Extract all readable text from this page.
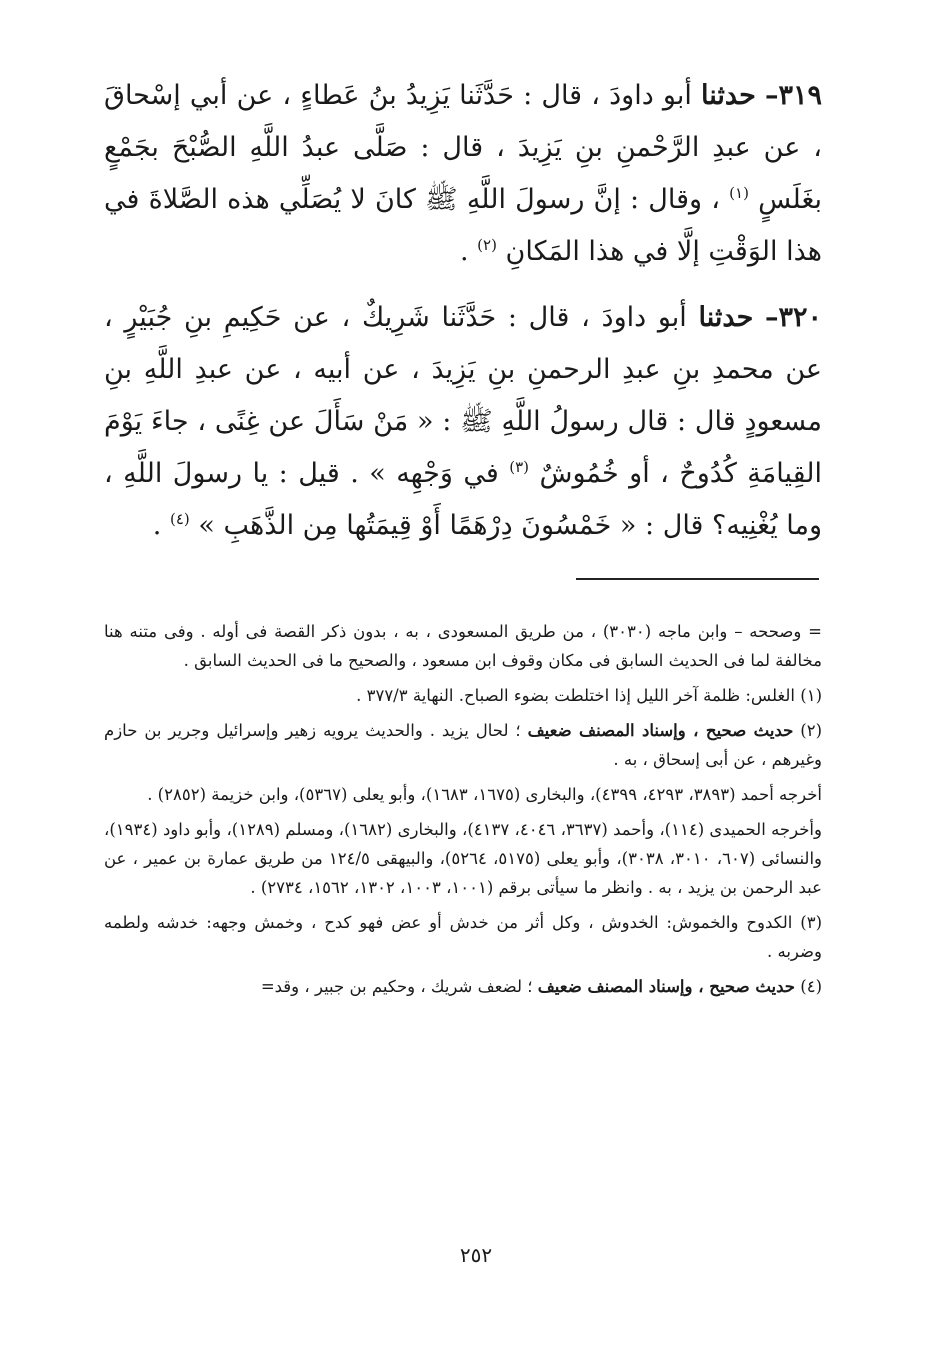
٣١٩– حدثنا أبو داودَ ، قال : حَدَّثَنا يَزِيدُ بنُ عَطاءٍ ، عن أبي إسْحاقَ ، عن عبدِ الرَّحْمنِ بنِ يَزِيدَ ، قال : صَلَّى عبدُ اللَّهِ الصُّبْحَ بجَمْعٍ بغَلَسٍ $^{(١)}$ ، وقال : إنَّ رسولَ اللَّهِ ﷺ كانَ لا يُصَلِّي هذه الصَّلاةَ في هذا الوَقْتِ إلَّا في هذا المَكانِ $^{(٢)}$ .

٣٢٠– حدثنا أبو داودَ ، قال : حَدَّثَنا شَرِيكٌ ، عن حَكِيمِ بنِ جُبَيْرٍ ، عن محمدِ بنِ عبدِ الرحمنِ بنِ يَزِيدَ ، عن أبيه ، عن عبدِ اللَّهِ بنِ مسعودٍ قال : قال رسولُ اللَّهِ ﷺ : « مَنْ سَأَلَ عن غِنًى ، جاءَ يَوْمَ القِيامَةِ كُدُوحٌ ، أو خُمُوشٌ $^{(٣)}$ في وَجْهِه » . قيل : يا رسولَ اللَّهِ ، وما يُغْنِيه؟ قال : « خَمْسُونَ دِرْهَمًا أَوْ قِيمَتُها مِن الذَّهَبِ » $^{(٤)}$ .

= وصححه – وابن ماجه (٣٠٣٠) ، من طريق المسعودى ، به ، بدون ذكر القصة فى أوله . وفى متنه هنا مخالفة لما فى الحديث السابق فى مكان وقوف ابن مسعود ، والصحيح ما فى الحديث السابق .

(١) الغلس: ظلمة آخر الليل إذا اختلطت بضوء الصباح. النهاية ٣٧٧/٣ .

(٢) حديث صحيح ، وإسناد المصنف ضعيف ؛ لحال يزيد . والحديث يرويه زهير وإسرائيل وجرير بن حازم وغيرهم ، عن أبى إسحاق ، به .

أخرجه أحمد (٣٨٩٣، ٤٢٩٣، ٤٣٩٩)، والبخارى (١٦٧٥، ١٦٨٣)، وأبو يعلى (٥٣٦٧)، وابن خزيمة (٢٨٥٢) .

وأخرجه الحميدى (١١٤)، وأحمد (٣٦٣٧، ٤٠٤٦، ٤١٣٧)، والبخارى (١٦٨٢)، ومسلم (١٢٨٩)، وأبو داود (١٩٣٤)، والنسائى (٦٠٧، ٣٠١٠، ٣٠٣٨)، وأبو يعلى (٥١٧٥، ٥٢٦٤)، والبيهقى ١٢٤/٥ من طريق عمارة بن عمير ، عن عبد الرحمن بن يزيد ، به . وانظر ما سيأتى برقم (١٠٠١، ١٠٠٣، ١٣٠٢، ١٥٦٢، ٢٧٣٤) .

(٣) الكدوح والخموش: الخدوش ، وكل أثر من خدش أو عض فهو كدح ، وخمش وجهه: خدشه ولطمه وضربه .

(٤) حديث صحيح ، وإسناد المصنف ضعيف ؛ لضعف شريك ، وحكيم بن جبير ، وقد=

٢٥٢
